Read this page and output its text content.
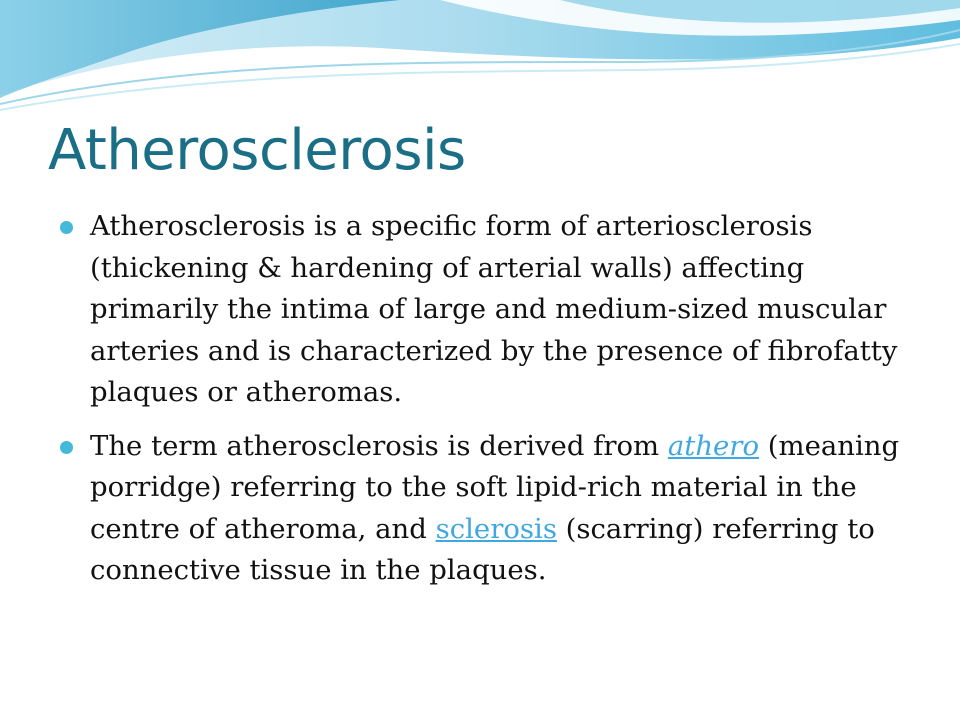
Atherosclerosis

Atherosclerosis is a specific form of arteriosclerosis (thickening & hardening of arterial walls) affecting primarily the intima of large and medium-sized muscular arteries and is characterized by the presence of fibrofatty plaques or atheromas.

The term atherosclerosis is derived from athero (meaning porridge) referring to the soft lipid-rich material in the centre of atheroma, and sclerosis (scarring) referring to connective tissue in the plaques.
